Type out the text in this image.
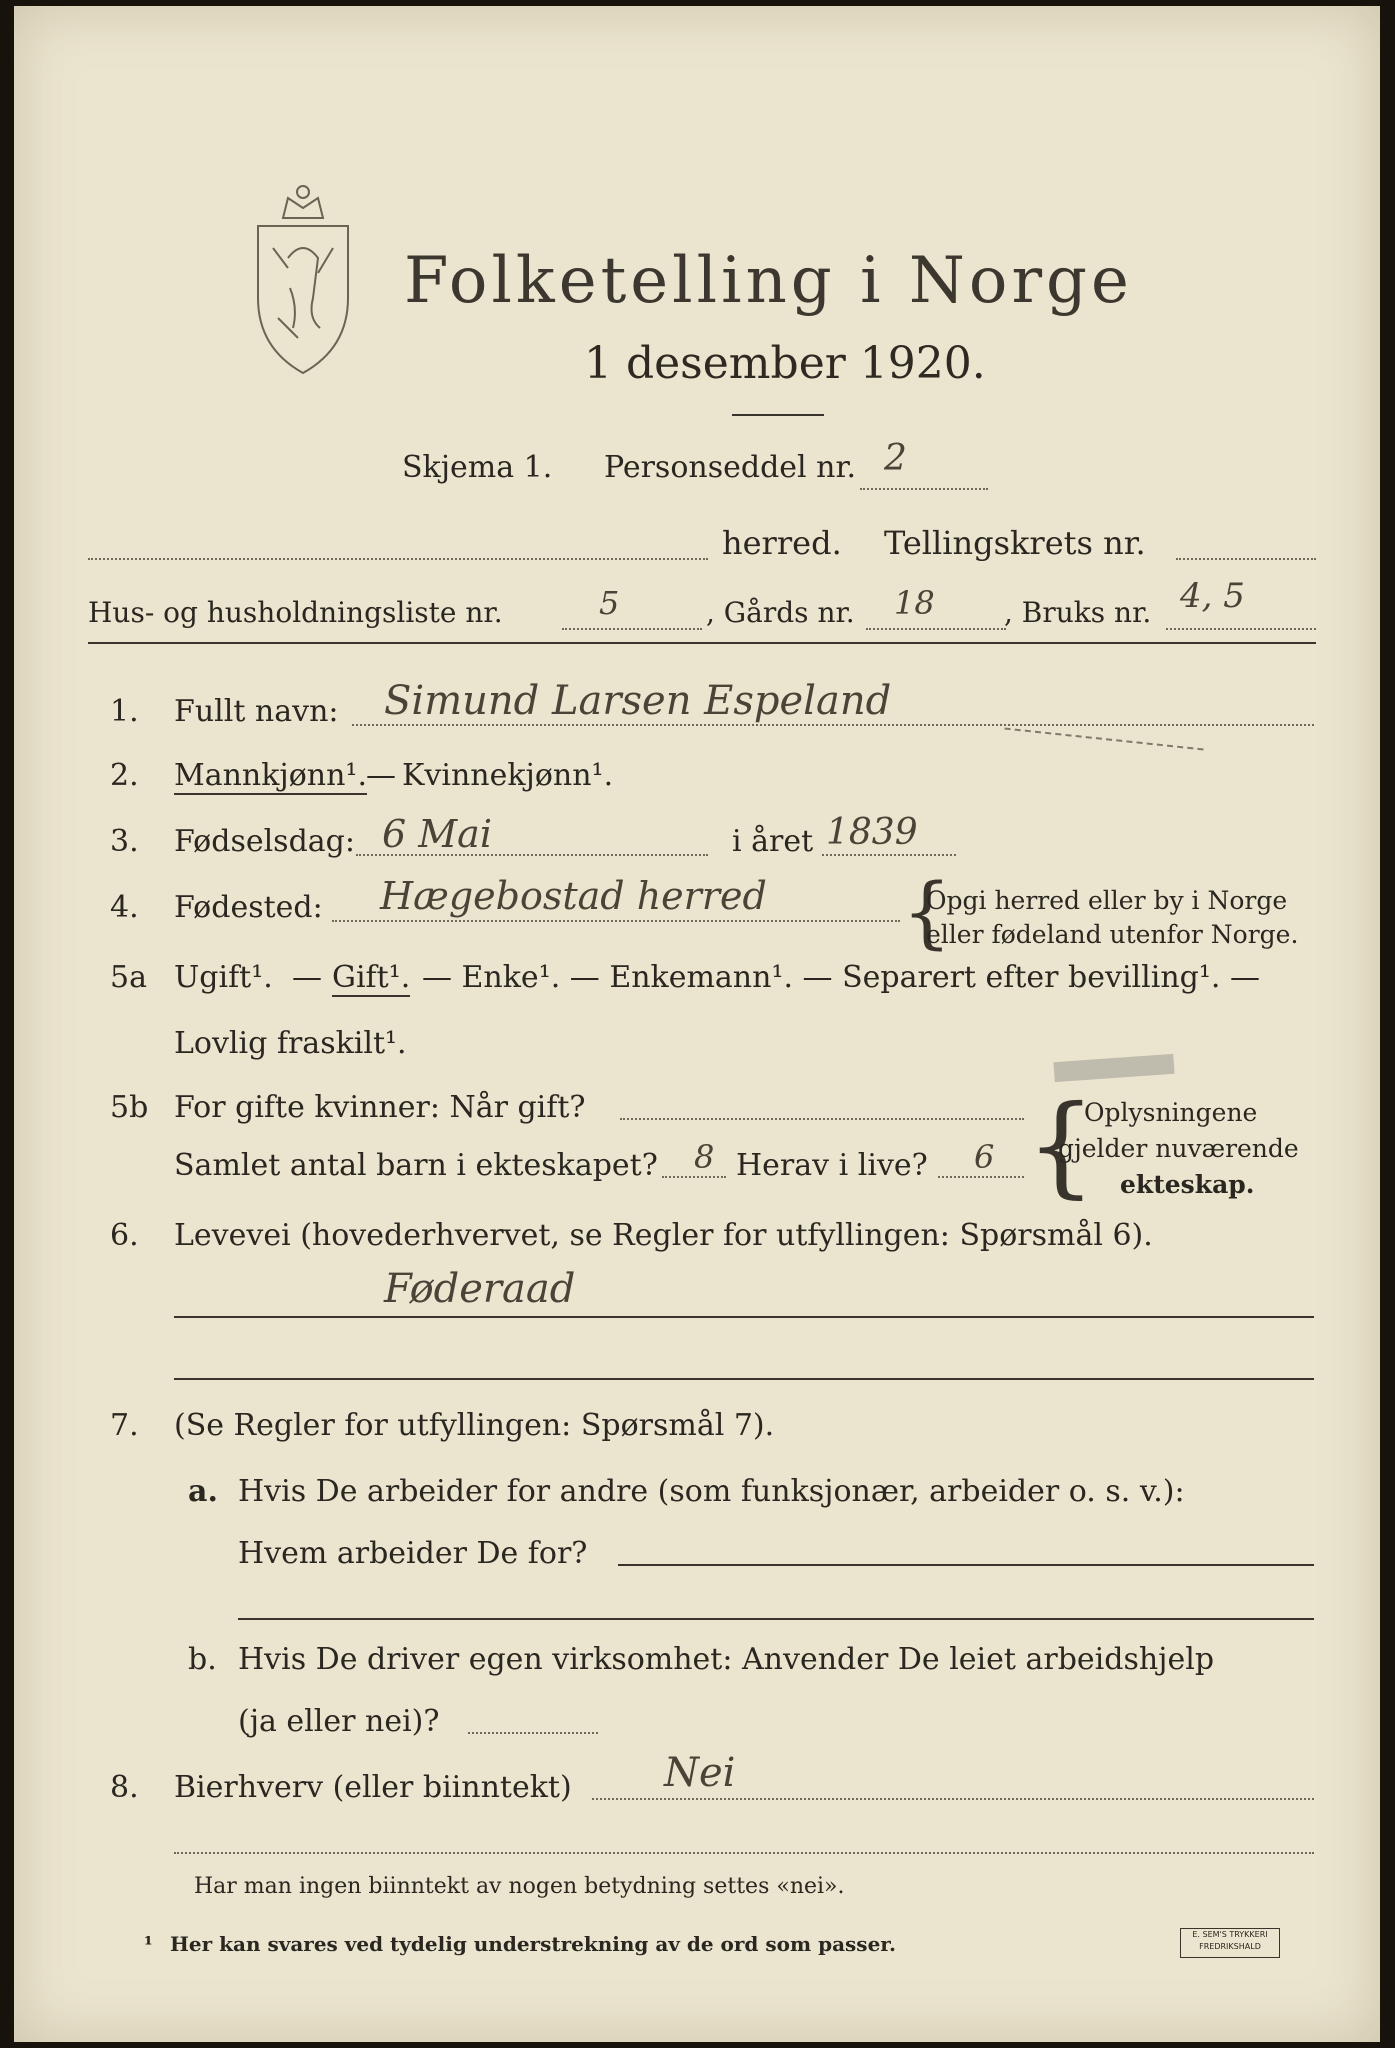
Folketelling i Norge
1 desember 1920.
Skjema 1. Personseddel nr. 2
herred. Tellingskrets nr.
Hus- og husholdningsliste nr.	5	, Gårds nr. 18 , Bruks nr. 4, 5
1. Fullt navn: Simund Larsen Espeland
2. Mannkjønn¹. — Kvinnekjønn¹.
3. Fødselsdag: 6 Mai	i året 1839
4. Fødested: Hægebostad herred {
Opgi herred eller by i Norge
eller fødeland utenfor Norge.
5a Ugift¹. — Gift¹. — Enke¹. — Enkemann¹. — Separert efter bevilling¹. —
Lovlig fraskilt¹.
5b For gifte kvinner: Når gift?
Samlet antal barn i ekteskapet? 8 Herav i live? 6 {
Oplysningene
gjelder nuværende
ekteskap.
6. Levevei (hovederhvervet, se Regler for utfyllingen: Spørsmål 6).
Føderaad
7. (Se Regler for utfyllingen: Spørsmål 7).
a. Hvis De arbeider for andre (som funksjonær, arbeider o. s. v.):
Hvem arbeider De for?
b. Hvis De driver egen virksomhet: Anvender De leiet arbeidshjelp
(ja eller nei)?
8. Bierhverv (eller biinntekt) Nei
Har man ingen biinntekt av nogen betydning settes «nei».
¹ Her kan svares ved tydelig understrekning av de ord som passer.	E. SEM'S TRYKKERI
FREDRIKSHALD
